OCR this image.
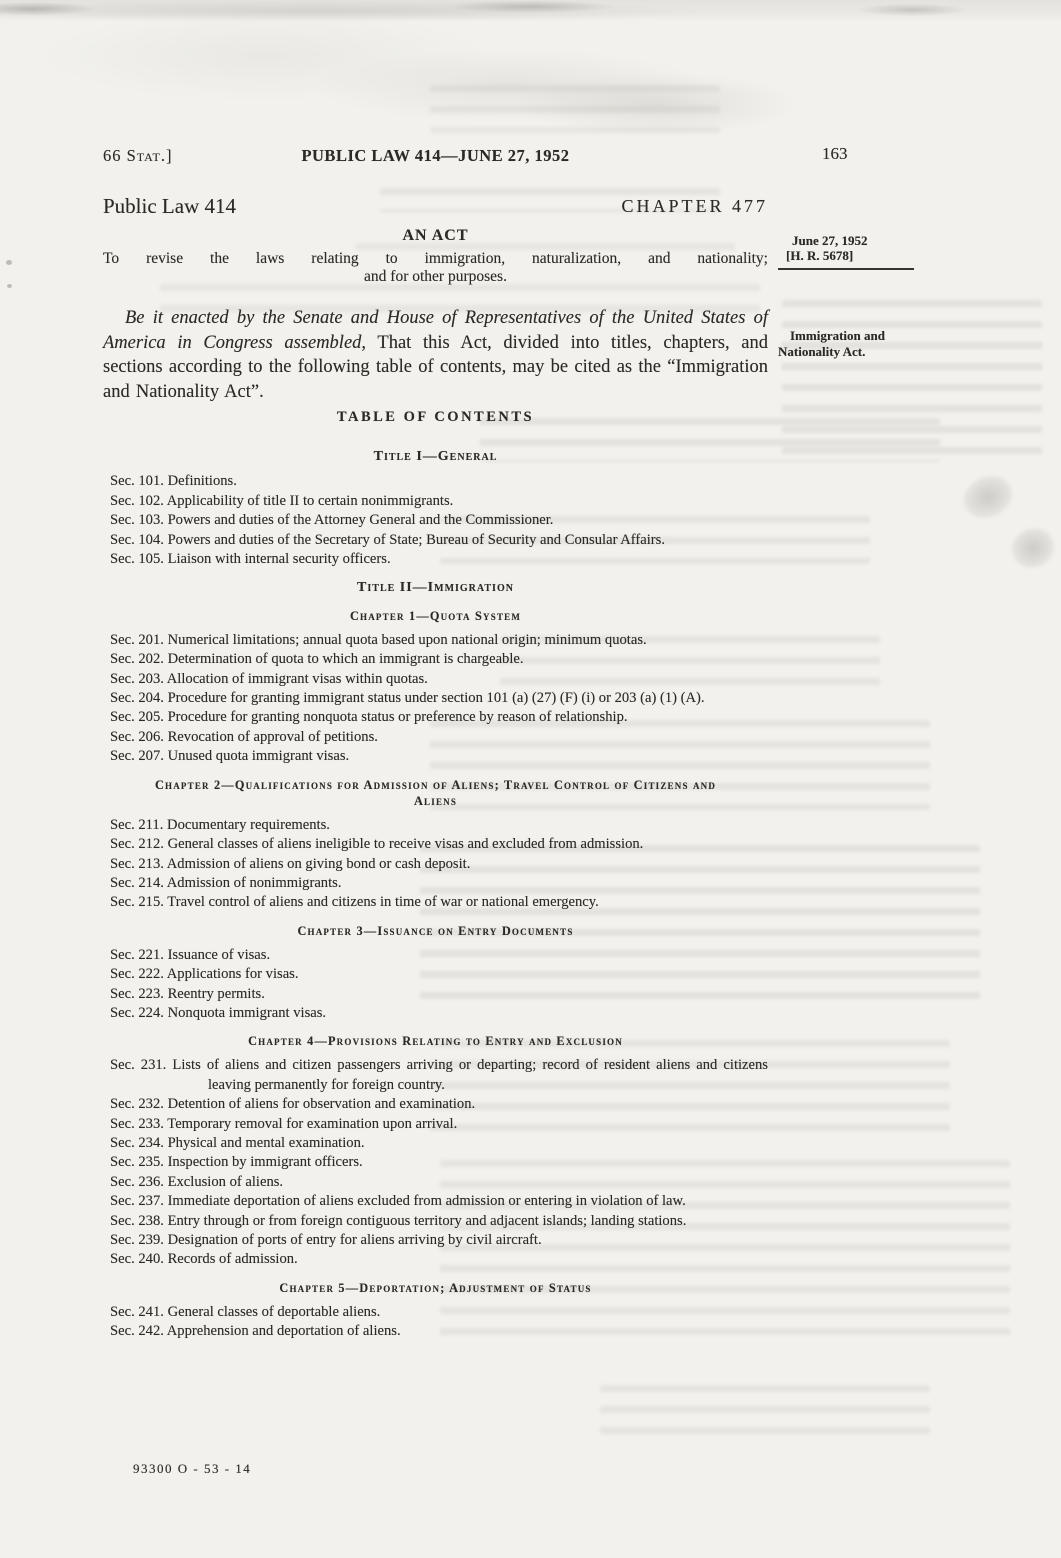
66 Stat.]	PUBLIC LAW 414—JUNE 27, 1952	163
Public Law 414	CHAPTER 477
AN ACT
To revise the laws relating to immigration, naturalization, and nationality;
and for other purposes.
June 27, 1952
[H. R. 5678]
Immigration and
Nationality Act.
Be it enacted by the Senate and House of Representatives of the United States of America in Congress assembled, That this Act, divided into titles, chapters, and sections according to the following table of contents, may be cited as the “Immigration and Nationality Act”.
TABLE OF CONTENTS
Title I—General
Sec. 101. Definitions.
Sec. 102. Applicability of title II to certain nonimmigrants.
Sec. 103. Powers and duties of the Attorney General and the Commissioner.
Sec. 104. Powers and duties of the Secretary of State; Bureau of Security and Consular Affairs.
Sec. 105. Liaison with internal security officers.
Title II—Immigration
Chapter 1—Quota System
Sec. 201. Numerical limitations; annual quota based upon national origin; minimum quotas.
Sec. 202. Determination of quota to which an immigrant is chargeable.
Sec. 203. Allocation of immigrant visas within quotas.
Sec. 204. Procedure for granting immigrant status under section 101 (a) (27) (F) (i) or 203 (a) (1) (A).
Sec. 205. Procedure for granting nonquota status or preference by reason of relationship.
Sec. 206. Revocation of approval of petitions.
Sec. 207. Unused quota immigrant visas.
Chapter 2—Qualifications for Admission of Aliens; Travel Control of Citizens and Aliens
Sec. 211. Documentary requirements.
Sec. 212. General classes of aliens ineligible to receive visas and excluded from admission.
Sec. 213. Admission of aliens on giving bond or cash deposit.
Sec. 214. Admission of nonimmigrants.
Sec. 215. Travel control of aliens and citizens in time of war or national emergency.
Chapter 3—Issuance on Entry Documents
Sec. 221. Issuance of visas.
Sec. 222. Applications for visas.
Sec. 223. Reentry permits.
Sec. 224. Nonquota immigrant visas.
Chapter 4—Provisions Relating to Entry and Exclusion
Sec. 231. Lists of aliens and citizen passengers arriving or departing; record of resident aliens and citizens leaving permanently for foreign country.
Sec. 232. Detention of aliens for observation and examination.
Sec. 233. Temporary removal for examination upon arrival.
Sec. 234. Physical and mental examination.
Sec. 235. Inspection by immigrant officers.
Sec. 236. Exclusion of aliens.
Sec. 237. Immediate deportation of aliens excluded from admission or entering in violation of law.
Sec. 238. Entry through or from foreign contiguous territory and adjacent islands; landing stations.
Sec. 239. Designation of ports of entry for aliens arriving by civil aircraft.
Sec. 240. Records of admission.
Chapter 5—Deportation; Adjustment of Status
Sec. 241. General classes of deportable aliens.
Sec. 242. Apprehension and deportation of aliens.
93300 O - 53 - 14
